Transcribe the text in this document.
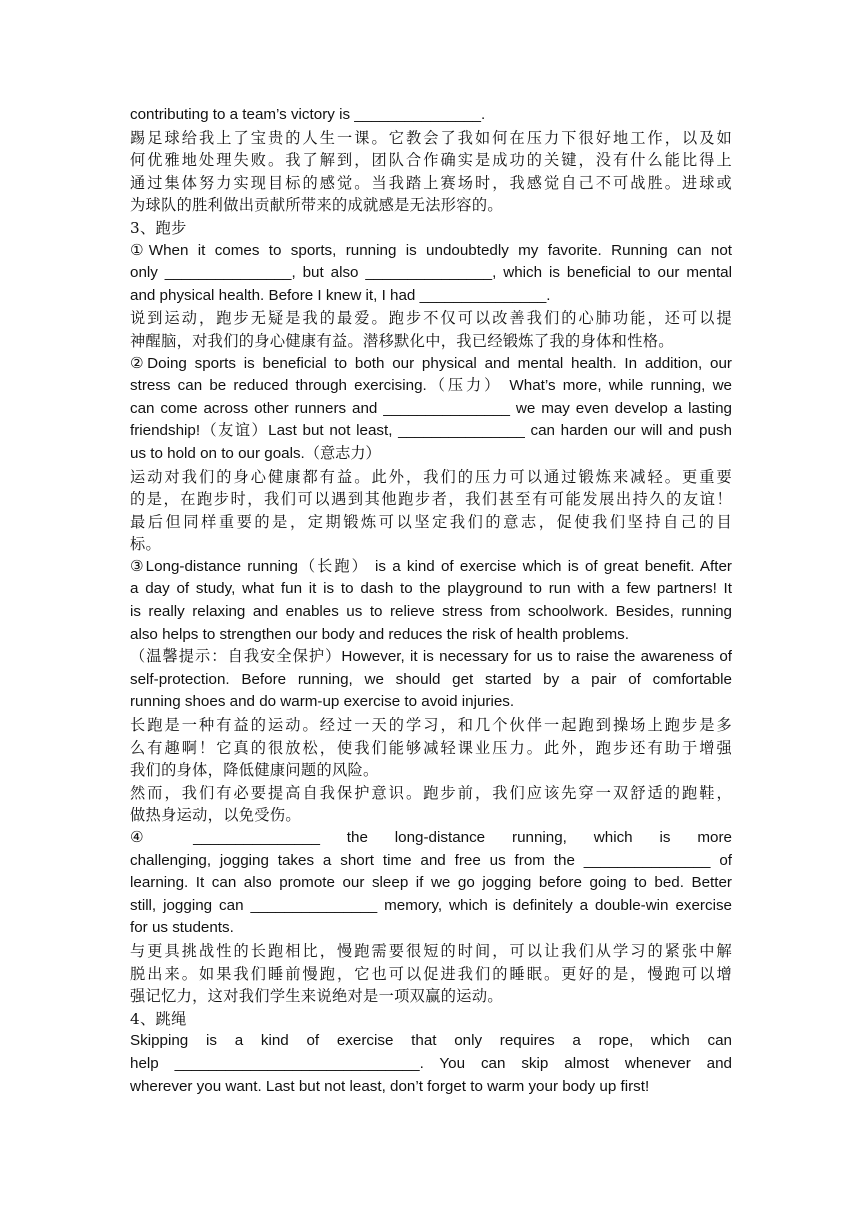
contributing to a team’s victory is _______________.
踢足球给我上了宝贵的人生一课。它教会了我如何在压力下很好地工作，以及如
何优雅地处理失败。我了解到，团队合作确实是成功的关键，没有什么能比得上
通过集体努力实现目标的感觉。当我踏上赛场时，我感觉自己不可战胜。进球或
为球队的胜利做出贡献所带来的成就感是无法形容的。
3、跑步
①When it comes to sports, running is undoubtedly my favorite. Running can not
only _______________, but also _______________, which is beneficial to our mental
and physical health. Before I knew it, I had _______________.
说到运动，跑步无疑是我的最爱。跑步不仅可以改善我们的心肺功能，还可以提
神醒脑，对我们的身心健康有益。潜移默化中，我已经锻炼了我的身体和性格。
②Doing sports is beneficial to both our physical and mental health. In addition, our
stress can be reduced through exercising.（压力） What’s more, while running, we
can come across other runners and _______________ we may even develop a lasting
friendship!（友谊）Last but not least, _______________ can harden our will and push
us to hold on to our goals.（意志力）
运动对我们的身心健康都有益。此外，我们的压力可以通过锻炼来减轻。更重要
的是，在跑步时，我们可以遇到其他跑步者，我们甚至有可能发展出持久的友谊！
最后但同样重要的是，定期锻炼可以坚定我们的意志，促使我们坚持自己的目
标。
③Long-distance running（长跑） is a kind of exercise which is of great benefit. After
a day of study, what fun it is to dash to the playground to run with a few partners! It
is really relaxing and enables us to relieve stress from schoolwork. Besides, running
also helps to strengthen our body and reduces the risk of health problems.
（温馨提示：自我安全保护）However, it is necessary for us to raise the awareness of
self-protection. Before running, we should get started by a pair of comfortable
running shoes and do warm-up exercise to avoid injuries.
长跑是一种有益的运动。经过一天的学习，和几个伙伴一起跑到操场上跑步是多
么有趣啊！它真的很放松，使我们能够减轻课业压力。此外，跑步还有助于增强
我们的身体，降低健康问题的风险。
然而，我们有必要提高自我保护意识。跑步前，我们应该先穿一双舒适的跑鞋，
做热身运动，以免受伤。
④ _______________ the long-distance running, which is more
challenging, jogging takes a short time and free us from the _______________ of
learning. It can also promote our sleep if we go jogging before going to bed. Better
still, jogging can _______________ memory, which is definitely a double-win exercise
for us students.
与更具挑战性的长跑相比，慢跑需要很短的时间，可以让我们从学习的紧张中解
脱出来。如果我们睡前慢跑，它也可以促进我们的睡眠。更好的是，慢跑可以增
强记忆力，这对我们学生来说绝对是一项双赢的运动。
4、跳绳
Skipping is a kind of exercise that only requires a rope, which can
help _____________________________. You can skip almost whenever and
wherever you want. Last but not least, don’t forget to warm your body up first!
